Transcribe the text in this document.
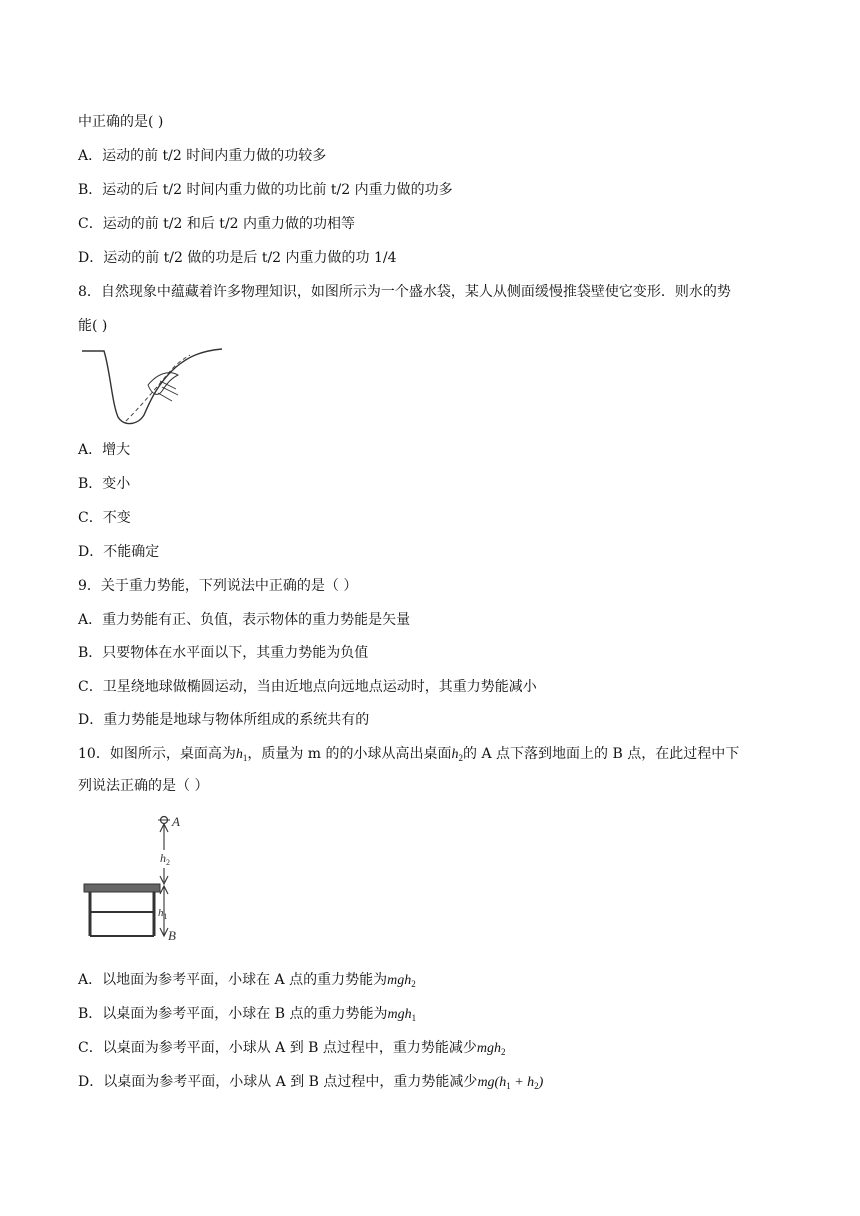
中正确的是( )
A．运动的前 t/2 时间内重力做的功较多
B．运动的后 t/2 时间内重力做的功比前 t/2 内重力做的功多
C．运动的前 t/2 和后 t/2 内重力做的功相等
D．运动的前 t/2 做的功是后 t/2 内重力做的功 1/4
8．自然现象中蕴藏着许多物理知识，如图所示为一个盛水袋，某人从侧面缓慢推袋壁使它变形．则水的势
能( )
A．增大
B．变小
C．不变
D．不能确定
9．关于重力势能，下列说法中正确的是（ ）
A．重力势能有正、负值，表示物体的重力势能是矢量
B．只要物体在水平面以下，其重力势能为负值
C．卫星绕地球做椭圆运动，当由近地点向远地点运动时，其重力势能减小
D．重力势能是地球与物体所组成的系统共有的
10．如图所示，桌面高为$h_1$，质量为 m 的的小球从高出桌面$h_2$的 A 点下落到地面上的 B 点，在此过程中下
列说法正确的是（ ）
A
$h_2$
$h_1$
B
A．以地面为参考平面，小球在 A 点的重力势能为mgh$_2$
B．以桌面为参考平面，小球在 B 点的重力势能为mgh$_1$
C．以桌面为参考平面，小球从 A 到 B 点过程中，重力势能减少mgh$_2$
D．以桌面为参考平面，小球从 A 到 B 点过程中，重力势能减少$mg(h_1 + h_2)$
